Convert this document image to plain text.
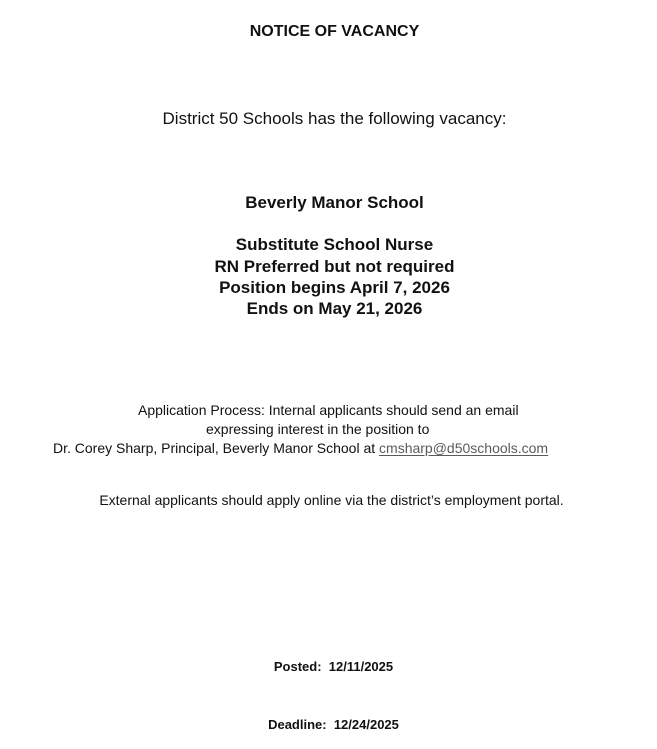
NOTICE OF VACANCY
District 50 Schools has the following vacancy:
Beverly Manor School
Substitute School Nurse
RN Preferred but not required
Position begins April 7, 2026
Ends on May 21, 2026
Application Process: Internal applicants should send an email
expressing interest in the position to
Dr. Corey Sharp, Principal, Beverly Manor School at cmsharp@d50schools.com
External applicants should apply online via the district’s employment portal.
Posted: 12/11/2025
Deadline: 12/24/2025
